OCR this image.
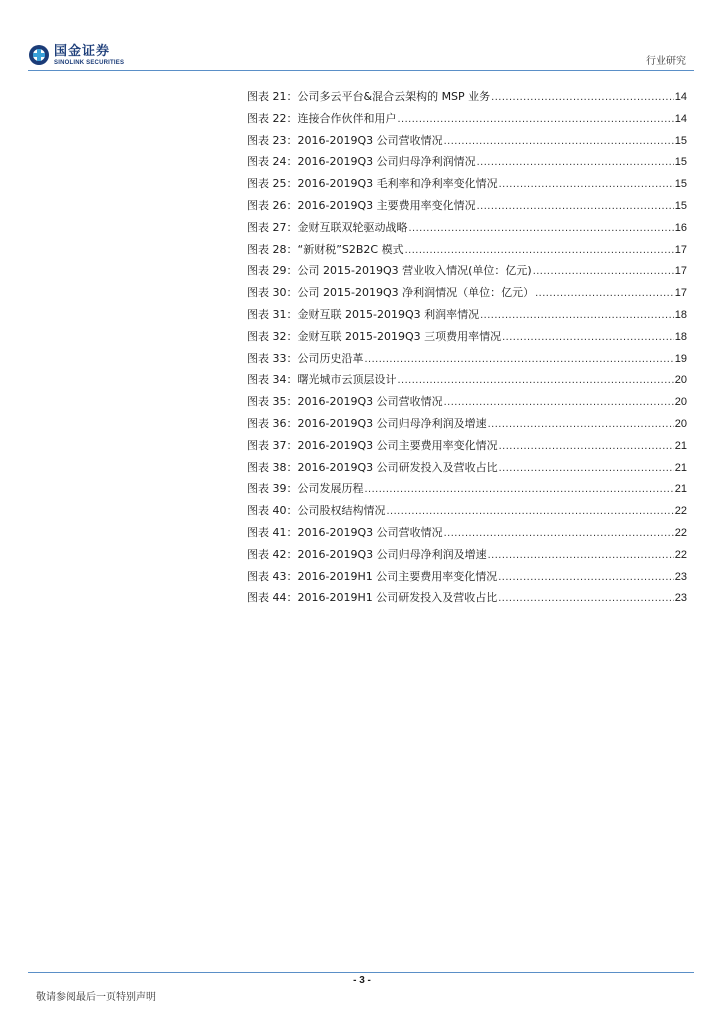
国金证券
SINOLINK SECURITIES	行业研究
图表 21：公司多云平台&混合云架构的 MSP 业务 .....	14
图表 22：连接合作伙伴和用户 .....	14
图表 23：2016-2019Q3 公司营收情况 .....	15
图表 24：2016-2019Q3 公司归母净利润情况 .....	15
图表 25：2016-2019Q3 毛利率和净利率变化情况 .....	15
图表 26：2016-2019Q3 主要费用率变化情况 .....	15
图表 27：金财互联双轮驱动战略 .....	16
图表 28：“新财税”S2B2C 模式 .....	17
图表 29：公司 2015-2019Q3 营业收入情况(单位：亿元) .....	17
图表 30：公司 2015-2019Q3 净利润情况（单位：亿元） .....	17
图表 31：金财互联 2015-2019Q3 利润率情况 .....	18
图表 32：金财互联 2015-2019Q3 三项费用率情况 .....	18
图表 33：公司历史沿革 .....	19
图表 34：曙光城市云顶层设计 .....	20
图表 35：2016-2019Q3 公司营收情况 .....	20
图表 36：2016-2019Q3 公司归母净利润及增速 .....	20
图表 37：2016-2019Q3 公司主要费用率变化情况 .....	21
图表 38：2016-2019Q3 公司研发投入及营收占比 .....	21
图表 39：公司发展历程 .....	21
图表 40：公司股权结构情况 .....	22
图表 41：2016-2019Q3 公司营收情况 .....	22
图表 42：2016-2019Q3 公司归母净利润及增速 .....	22
图表 43：2016-2019H1 公司主要费用率变化情况 .....	23
图表 44：2016-2019H1 公司研发投入及营收占比 .....	23
- 3 -
敬请参阅最后一页特别声明
